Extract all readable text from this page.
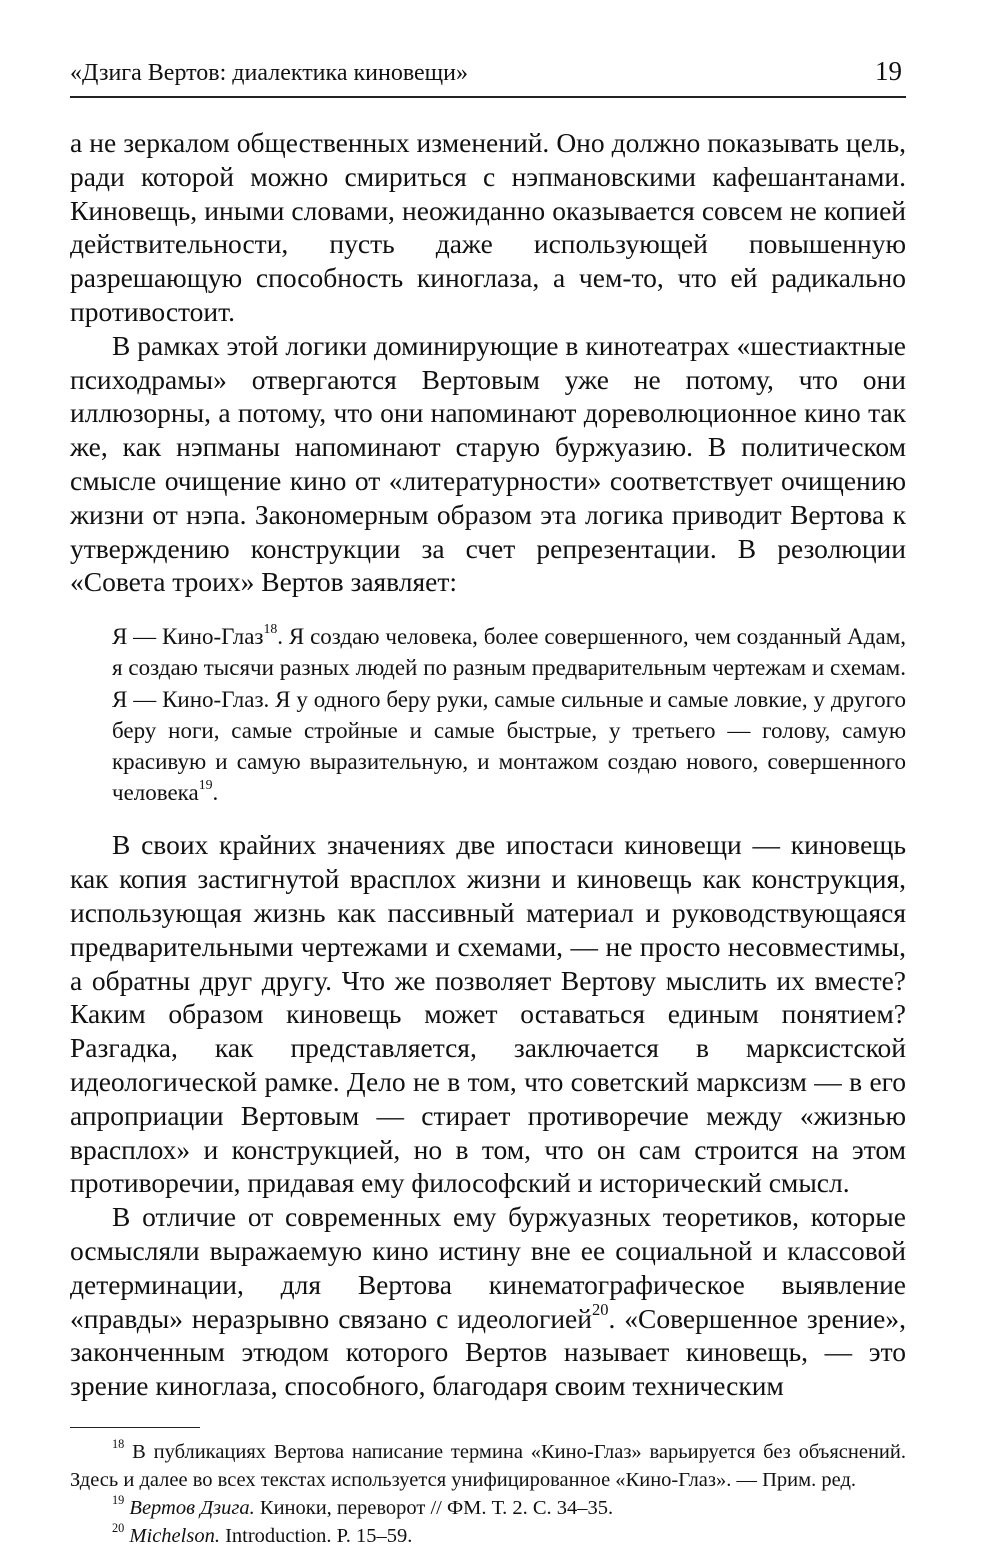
«Дзига Вертов: диалектика киновещи»	19

а не зеркалом общественных изменений. Оно должно показывать цель, ради которой можно смириться с нэпмановскими кафешантанами. Киновещь, иными словами, неожиданно оказывается совсем не копией действительности, пусть даже использующей повышенную разрешающую способность киноглаза, а чем-то, что ей радикально противостоит.

В рамках этой логики доминирующие в кинотеатрах «шестиактные психодрамы» отвергаются Вертовым уже не потому, что они иллюзорны, а потому, что они напоминают дореволюционное кино так же, как нэпманы напоминают старую буржуазию. В политическом смысле очищение кино от «литературности» соответствует очищению жизни от нэпа. Закономерным образом эта логика приводит Вертова к утверждению конструкции за счет репрезентации. В резолюции «Совета троих» Вертов заявляет:

Я — Кино-Глаз$^{18}$. Я создаю человека, более совершенного, чем созданный Адам, я создаю тысячи разных людей по разным предварительным чертежам и схемам. Я — Кино-Глаз. Я у одного беру руки, самые сильные и самые ловкие, у другого беру ноги, самые стройные и самые быстрые, у третьего — голову, самую красивую и самую выразительную, и монтажом создаю нового, совершенного человека$^{19}$.

В своих крайних значениях две ипостаси киновещи — киновещь как копия застигнутой врасплох жизни и киновещь как конструкция, использующая жизнь как пассивный материал и руководствующаяся предварительными чертежами и схемами, — не просто несовместимы, а обратны друг другу. Что же позволяет Вертову мыслить их вместе? Каким образом киновещь может оставаться единым понятием? Разгадка, как представляется, заключается в марксистской идеологической рамке. Дело не в том, что советский марксизм — в его апроприации Вертовым — стирает противоречие между «жизнью врасплох» и конструкцией, но в том, что он сам строится на этом противоречии, придавая ему философский и исторический смысл.

В отличие от современных ему буржуазных теоретиков, которые осмысляли выражаемую кино истину вне ее социальной и классовой детерминации, для Вертова кинематографическое выявление «правды» неразрывно связано с идеологией$^{20}$. «Совершенное зрение», законченным этюдом которого Вертов называет киновещь, — это зрение киноглаза, способного, благодаря своим техническим

$^{18}$ В публикациях Вертова написание термина «Кино-Глаз» варьируется без объяснений. Здесь и далее во всех текстах используется унифицированное «Кино-Глаз». — Прим. ред.

$^{19}$ Вертов Дзига. Киноки, переворот // ФМ. Т. 2. С. 34–35.

$^{20}$ Michelson. Introduction. P. 15–59.
